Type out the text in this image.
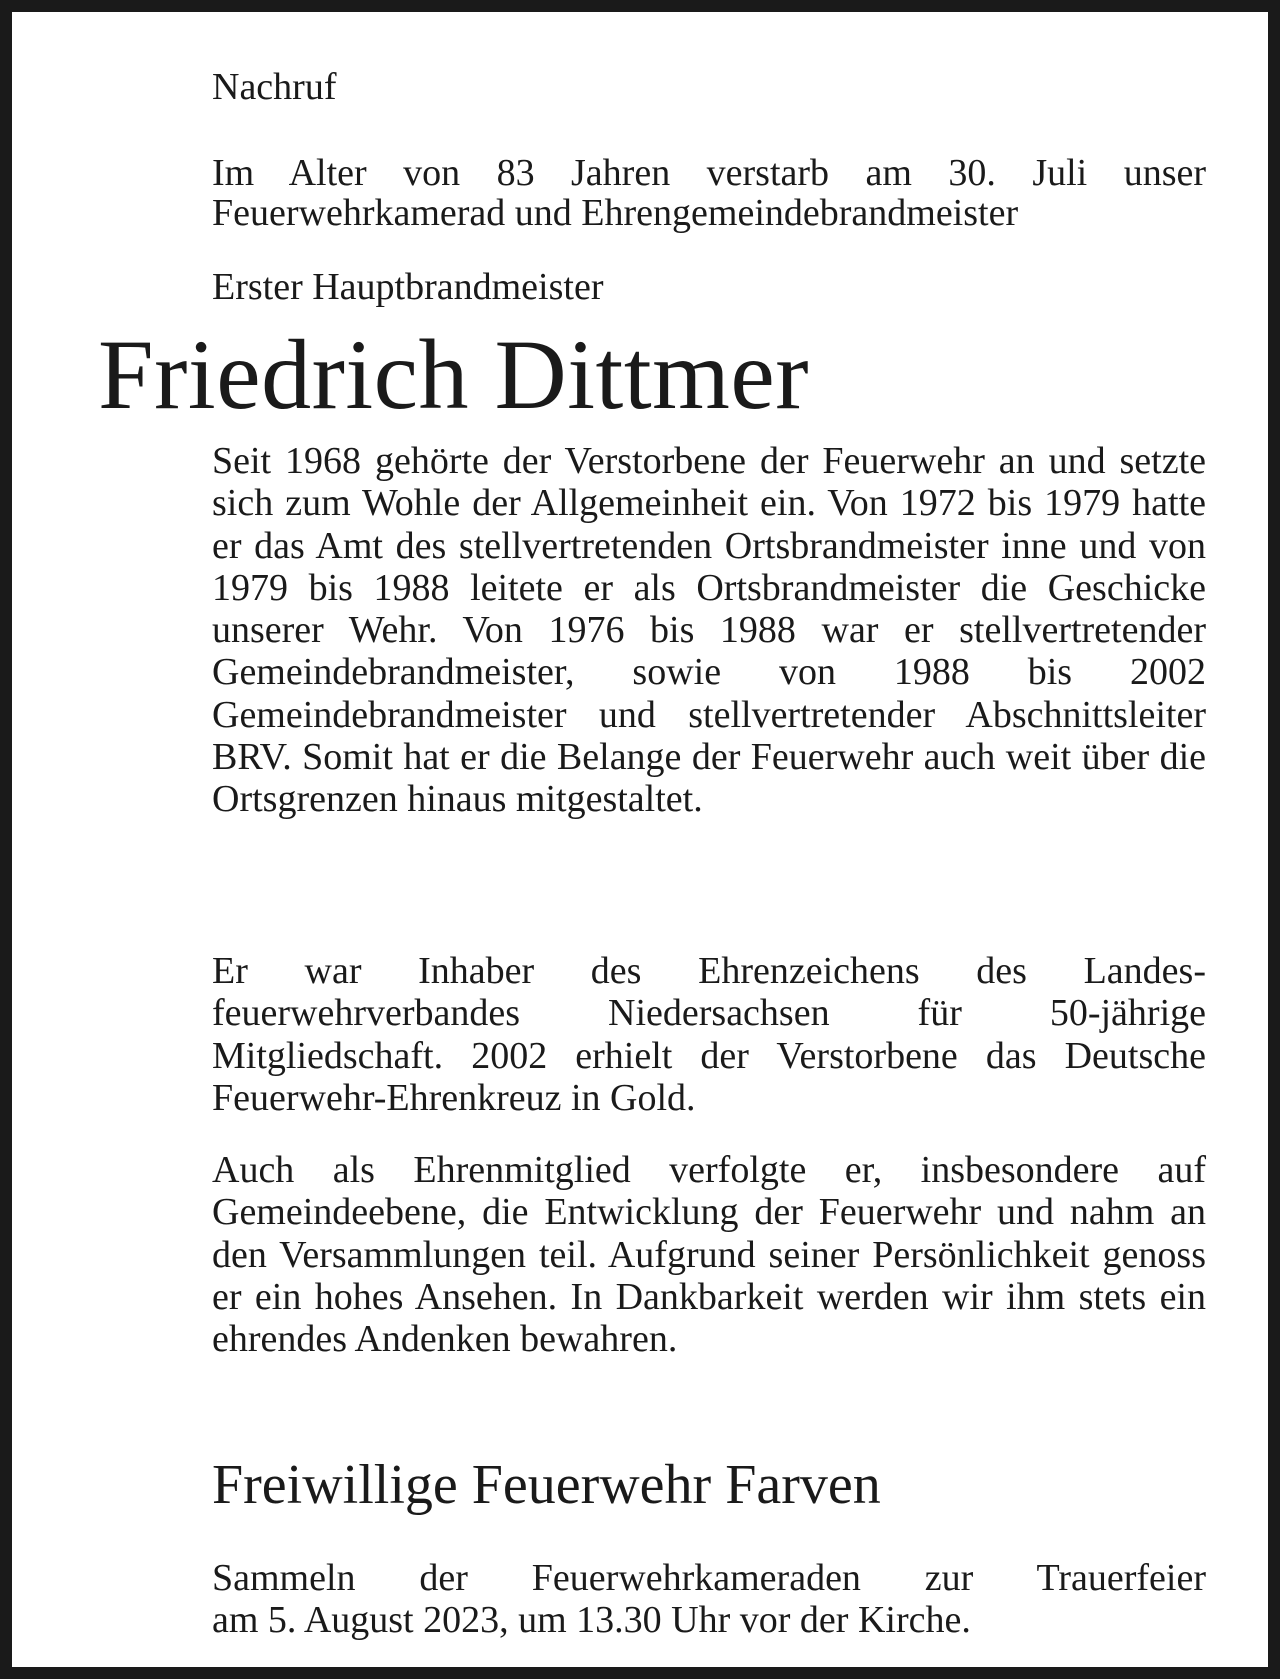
Nachruf
Im Alter von 83 Jahren verstarb am 30. Juli unser
Feuerwehrkamerad und Ehrengemeindebrandmeister
Erster Hauptbrandmeister
Friedrich Dittmer
Seit 1968 gehörte der Verstorbene der Feuerwehr an und setzte sich zum Wohle der Allgemeinheit ein. Von 1972 bis 1979 hatte er das Amt des stellvertretenden Ortsbrandmeister inne und von 1979 bis 1988 leitete er als Ortsbrandmeister die Geschicke unserer Wehr. Von 1976 bis 1988 war er stellvertretender Gemeindebrandmeister, sowie von 1988 bis 2002 Gemeindebrandmeister und stellvertretender Abschnittsleiter BRV. Somit hat er die Belange der Feuerwehr auch weit über die Ortsgrenzen hinaus mitgestaltet.
Er war Inhaber des Ehrenzeichens des Landesfeuerwehrverbandes Niedersachsen für 50-jährige Mitgliedschaft. 2002 erhielt der Verstorbene das Deutsche Feuerwehr-Ehrenkreuz in Gold.
Auch als Ehrenmitglied verfolgte er, insbesondere auf Gemeindeebene, die Entwicklung der Feuerwehr und nahm an den Versammlungen teil. Aufgrund seiner Persönlichkeit genoss er ein hohes Ansehen. In Dankbarkeit werden wir ihm stets ein ehrendes Andenken bewahren.
Freiwillige Feuerwehr Farven
Sammeln der Feuerwehrkameraden zur Trauerfeier
am 5. August 2023, um 13.30 Uhr vor der Kirche.
